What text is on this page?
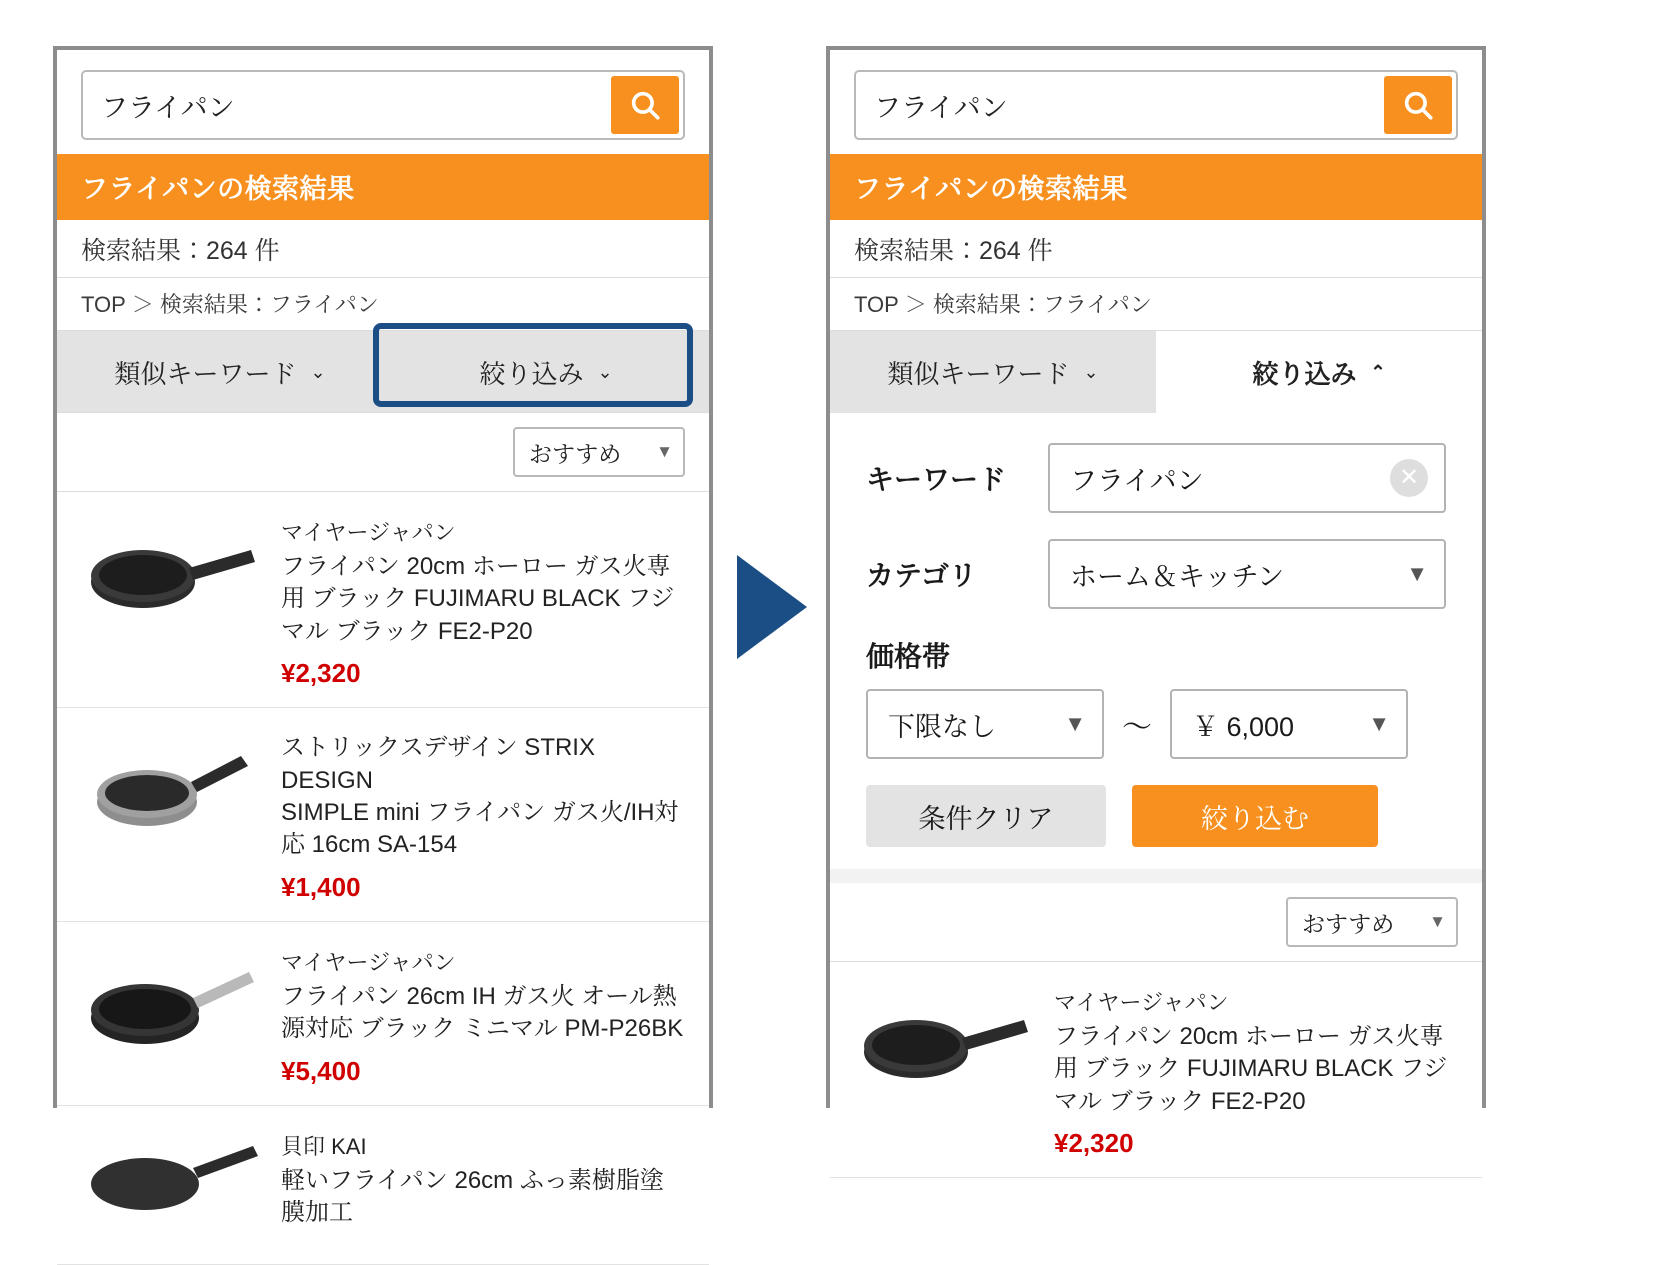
フライパン
フライパンの検索結果
検索結果：264 件
TOP ＞ 検索結果：フライパン
類似キーワード ⌄	絞り込み ⌄
おすすめ ▼
マイヤージャパン
フライパン 20cm ホーロー ガス火専用 ブラック FUJIMARU BLACK フジマル ブラック FE2-P20
¥2,320
ストリックスデザイン STRIX DESIGN
SIMPLE mini フライパン ガス火/IH対応 16cm SA-154
¥1,400
マイヤージャパン
フライパン 26cm IH ガス火 オール熱源対応 ブラック ミニマル PM-P26BK
¥5,400
貝印 KAI
軽いフライパン 26cm ふっ素樹脂塗膜加工
フライパン
フライパンの検索結果
検索結果：264 件
TOP ＞ 検索結果：フライパン
類似キーワード ⌄	絞り込み ⌃
キーワード	フライパン	✕
カテゴリ	ホーム＆キッチン	▼
価格帯
下限なし	▼ 〜 ￥ 6,000	▼
条件クリア	絞り込む
おすすめ ▼
マイヤージャパン
フライパン 20cm ホーロー ガス火専用 ブラック FUJIMARU BLACK フジマル ブラック FE2-P20
¥2,320
